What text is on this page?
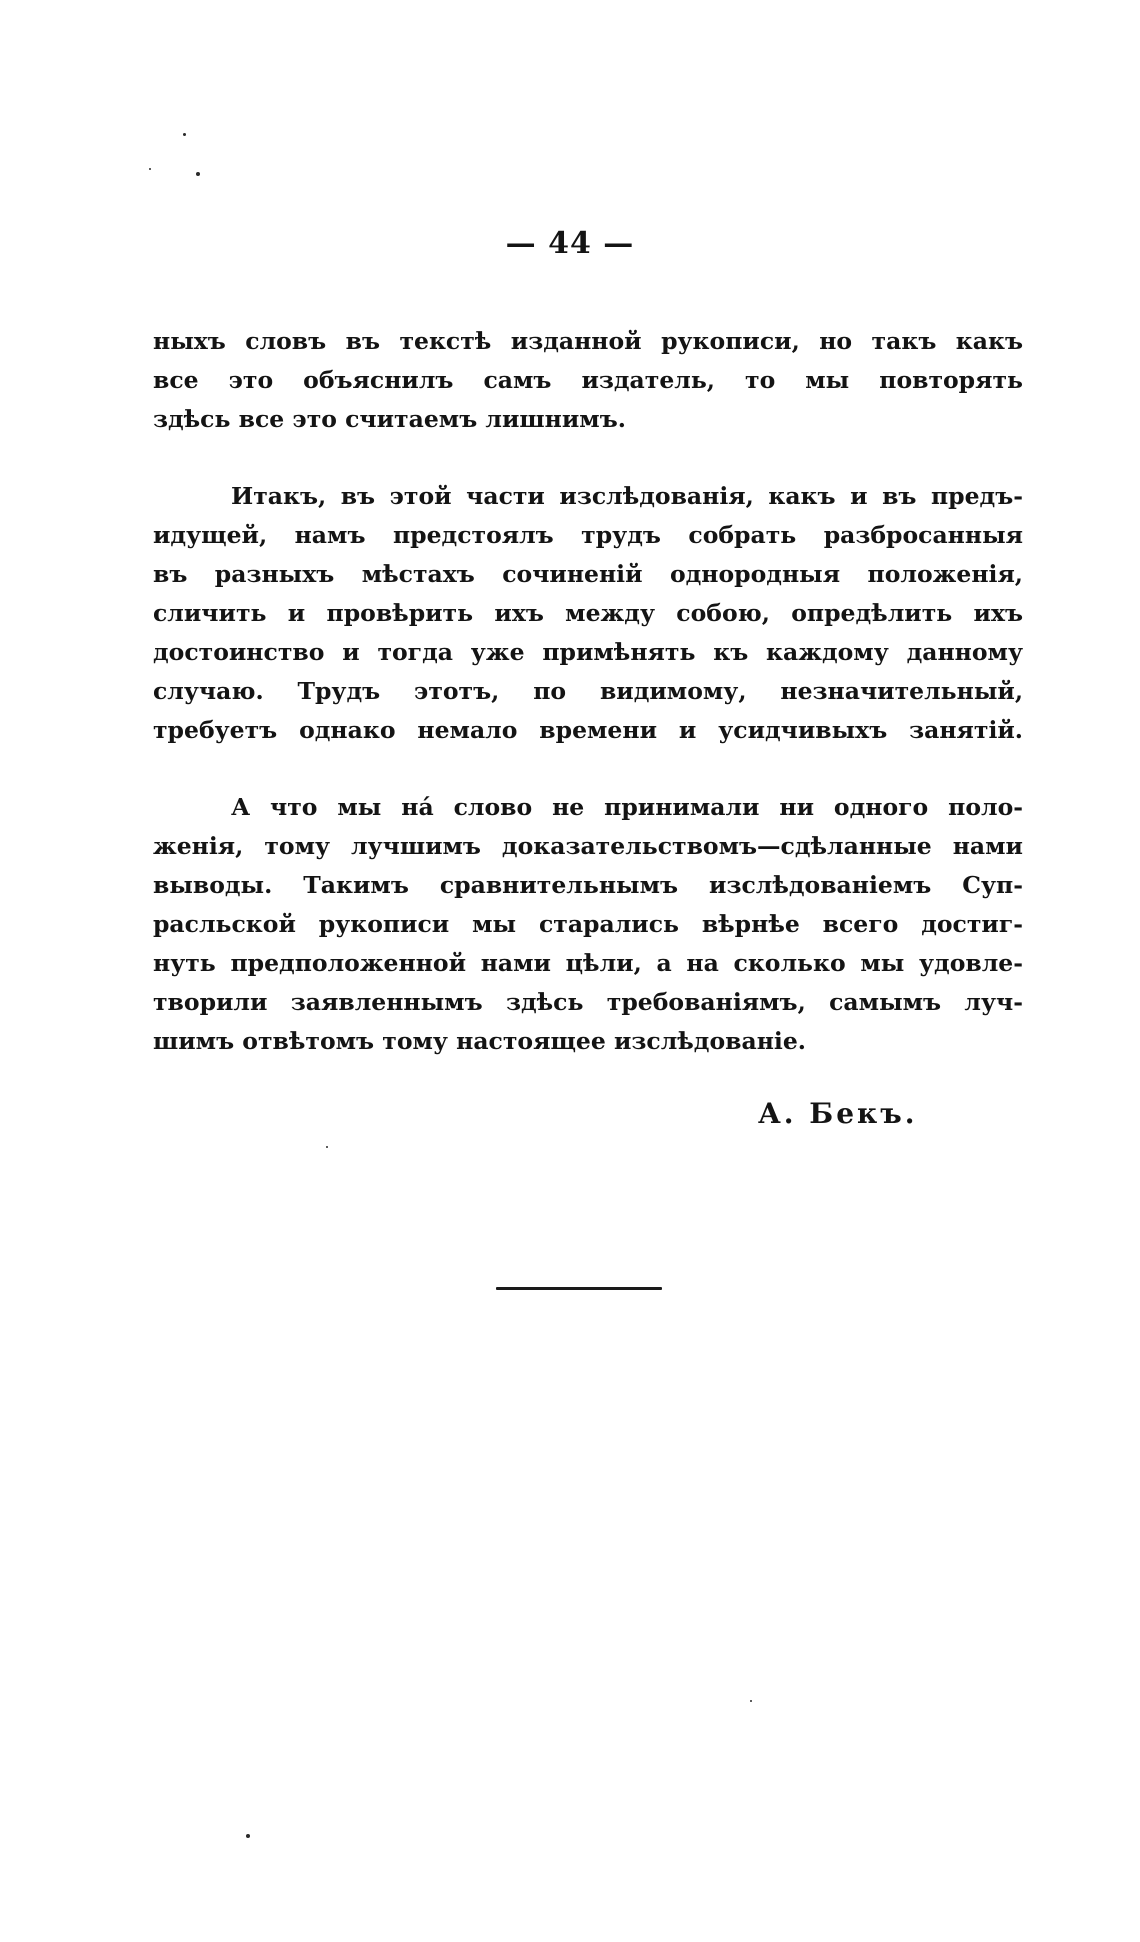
— 44 —
ныхъ словъ въ текстѣ изданной рукописи, но такъ какъ
все это объяснилъ самъ издатель, то мы повторять
здѣсь все это считаемъ лишнимъ.
Итакъ, въ этой части изслѣдованія, какъ и въ предъ-
идущей, намъ предстоялъ трудъ собрать разбросанныя
въ разныхъ мѣстахъ сочиненій однородныя положенія,
сличить и провѣрить ихъ между собою, опредѣлить ихъ
достоинство и тогда уже примѣнять къ каждому данному
случаю. Трудъ этотъ, по видимому, незначительный,
требуетъ однако немало времени и усидчивыхъ занятій.
А что мы на́ слово не принимали ни одного поло-
женія, тому лучшимъ доказательствомъ—сдѣланные нами
выводы. Такимъ сравнительнымъ изслѣдованіемъ Суп-
расльской рукописи мы старались вѣрнѣе всего достиг-
нуть предположенной нами цѣли, а на сколько мы удовле-
творили заявленнымъ здѣсь требованіямъ, самымъ луч-
шимъ отвѣтомъ тому настоящее изслѣдованіе.
А. Бекъ.
